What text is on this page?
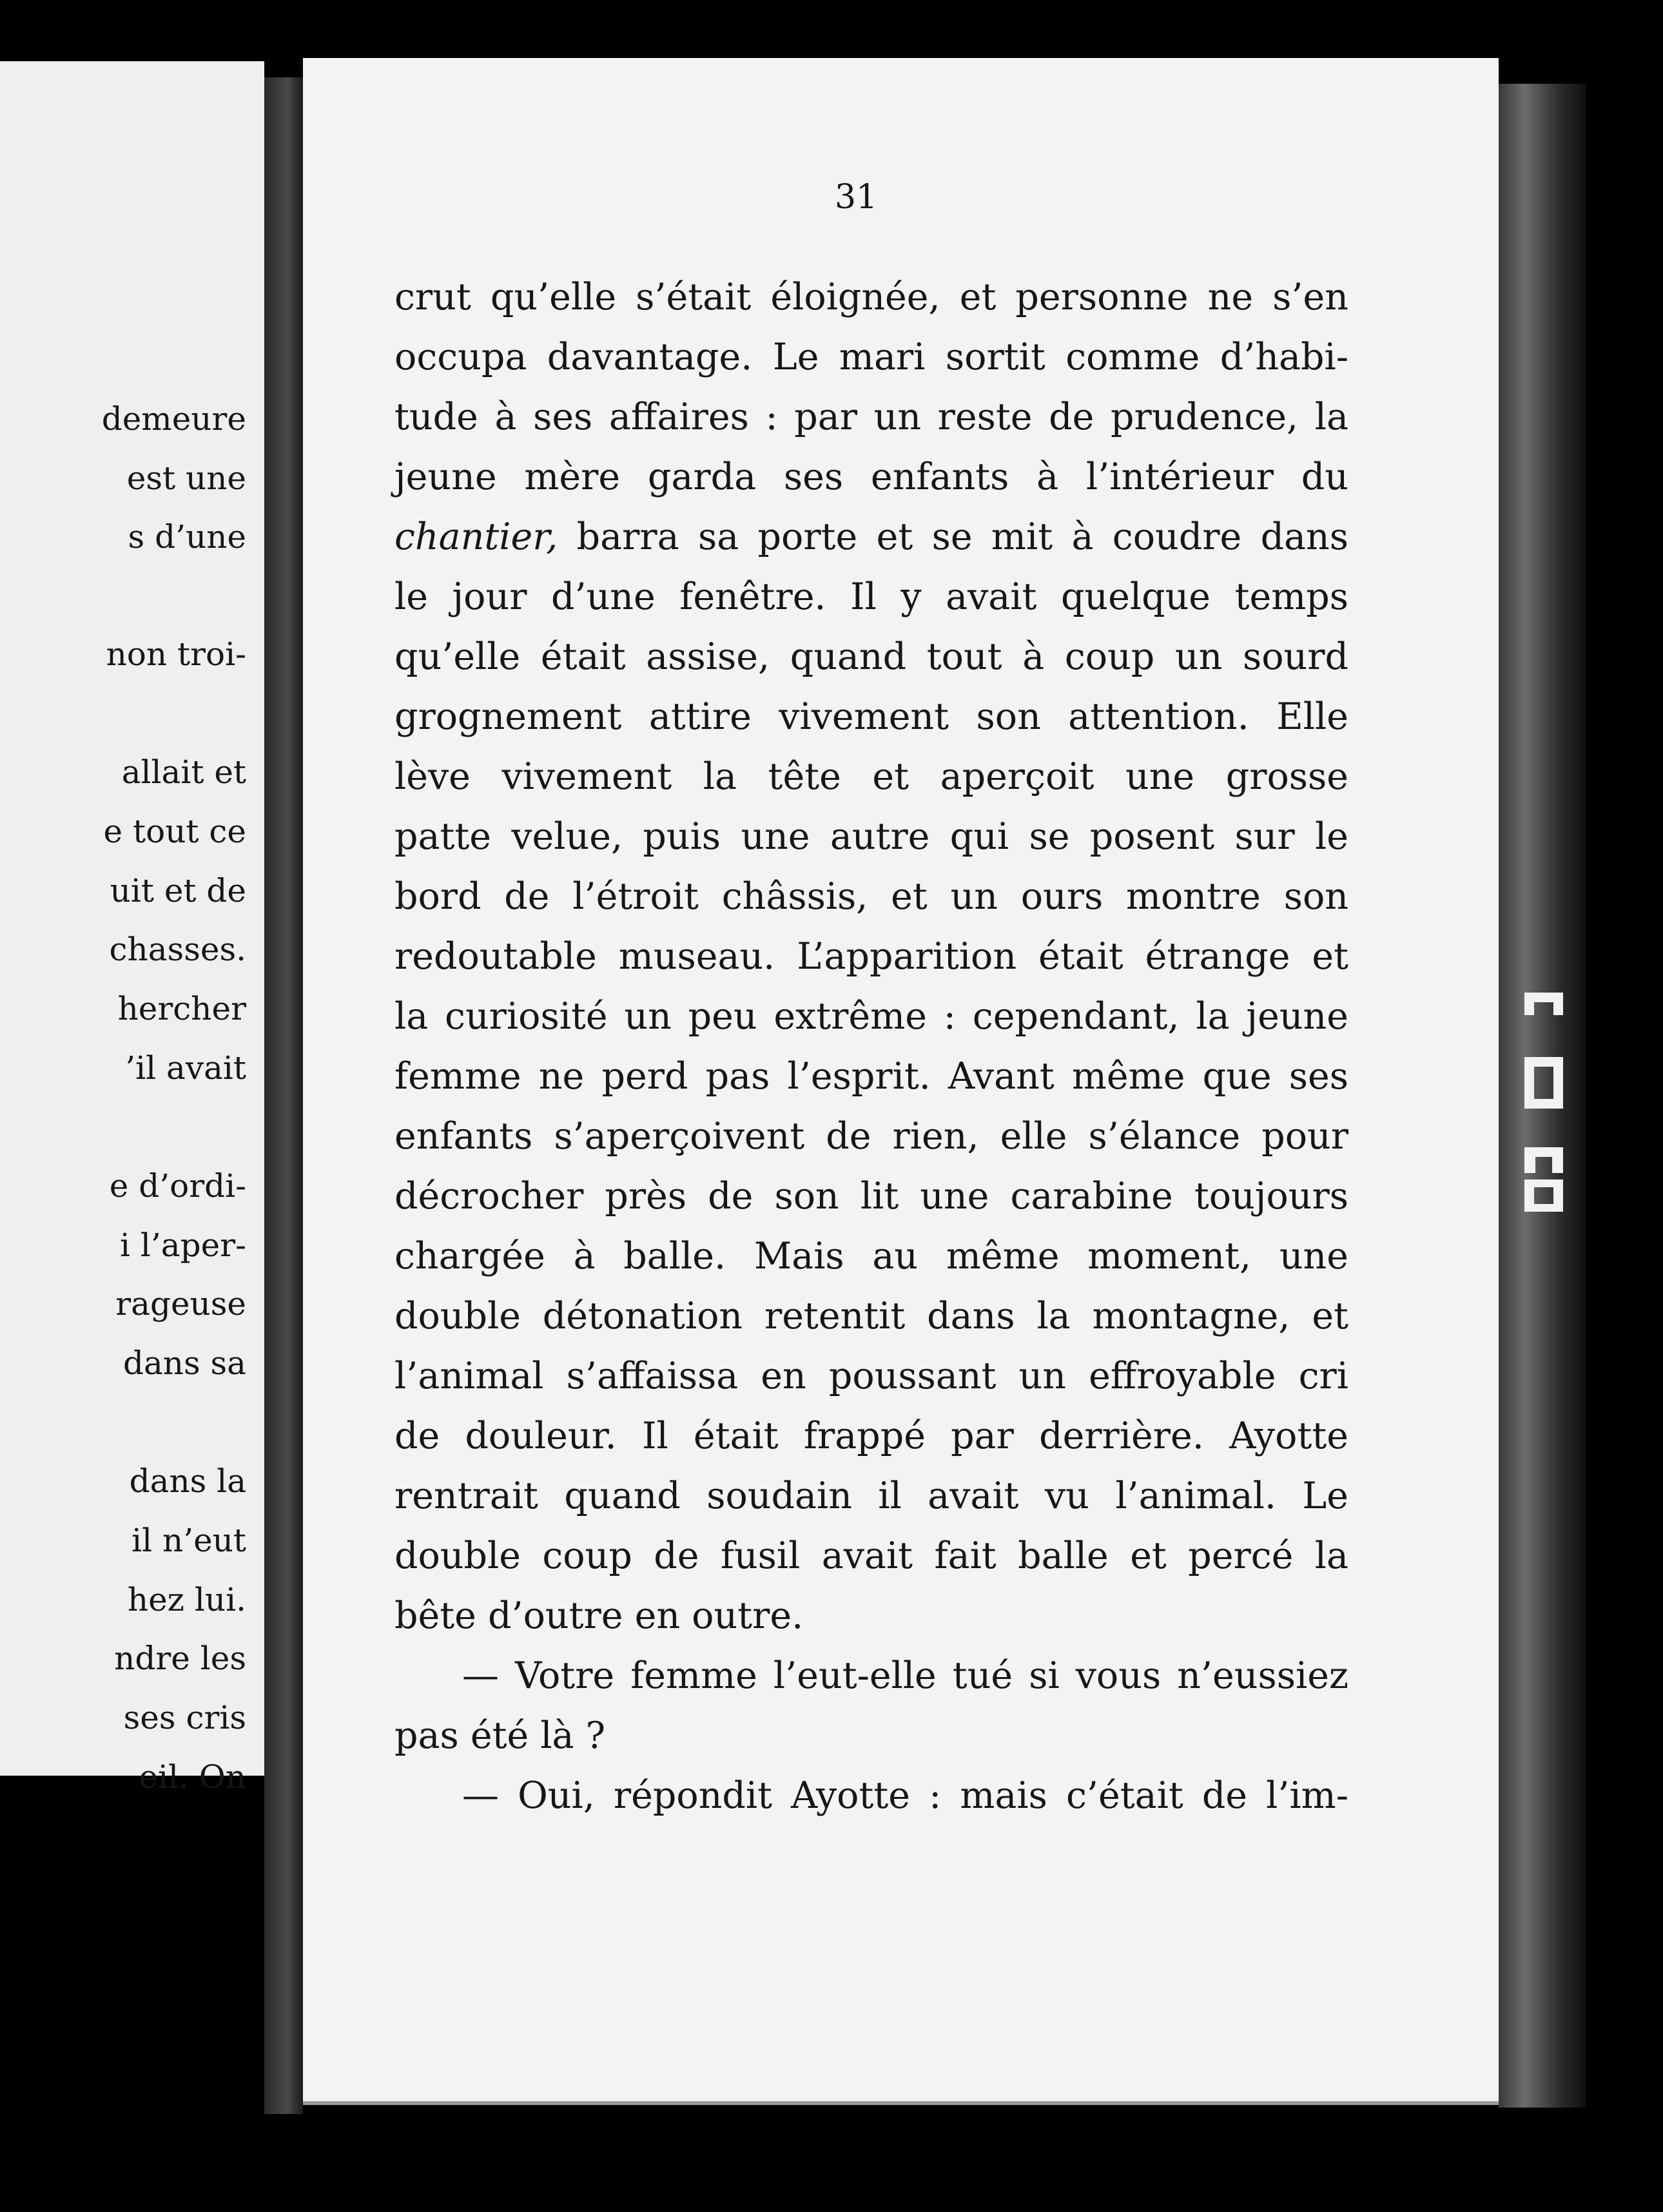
demeure
est une
s d’une
non troi-
allait et
e tout ce
uit et de
chasses.
hercher
’il avait
e d’ordi-
i l’aper-
rageuse
dans sa
dans la
il n’eut
hez lui.
ndre les
ses cris
eil. On
31
crut qu’elle s’était éloignée, et personne ne s’en
occupa davantage. Le mari sortit comme d’habi-
tude à ses affaires : par un reste de prudence, la
jeune mère garda ses enfants à l’intérieur du
chantier, barra sa porte et se mit à coudre dans
le jour d’une fenêtre. Il y avait quelque temps
qu’elle était assise, quand tout à coup un sourd
grognement attire vivement son attention. Elle
lève vivement la tête et aperçoit une grosse
patte velue, puis une autre qui se posent sur le
bord de l’étroit châssis, et un ours montre son
redoutable museau. L’apparition était étrange et
la curiosité un peu extrême : cependant, la jeune
femme ne perd pas l’esprit. Avant même que ses
enfants s’aperçoivent de rien, elle s’élance pour
décrocher près de son lit une carabine toujours
chargée à balle. Mais au même moment, une
double détonation retentit dans la montagne, et
l’animal s’affaissa en poussant un effroyable cri
de douleur. Il était frappé par derrière. Ayotte
rentrait quand soudain il avait vu l’animal. Le
double coup de fusil avait fait balle et percé la
bête d’outre en outre.
— Votre femme l’eut-elle tué si vous n’eussiez
pas été là ?
— Oui, répondit Ayotte : mais c’était de l’im-
